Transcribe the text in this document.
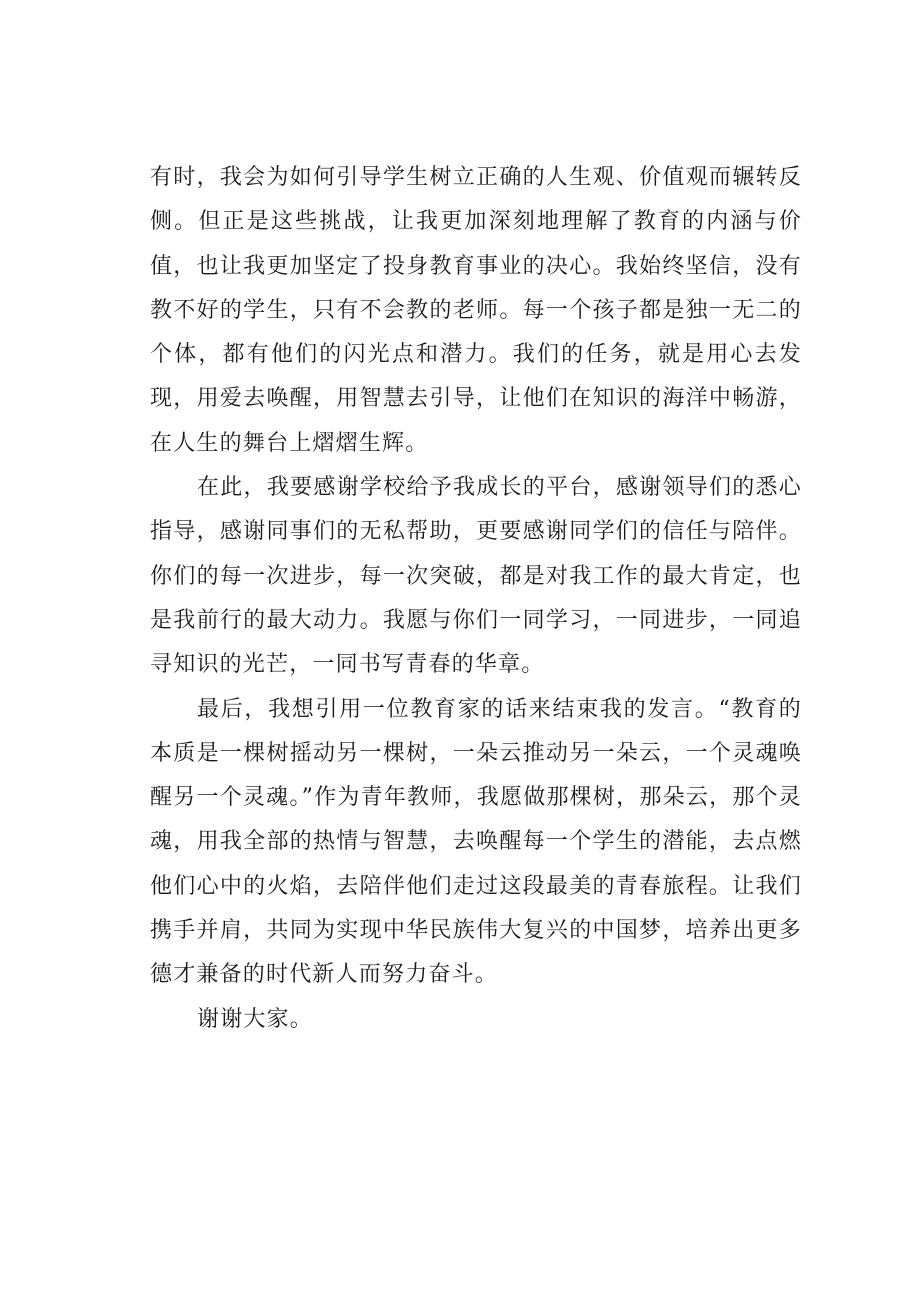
有时，我会为如何引导学生树立正确的人生观、价值观而辗转反侧。但正是这些挑战，让我更加深刻地理解了教育的内涵与价值，也让我更加坚定了投身教育事业的决心。我始终坚信，没有教不好的学生，只有不会教的老师。每一个孩子都是独一无二的个体，都有他们的闪光点和潜力。我们的任务，就是用心去发现，用爱去唤醒，用智慧去引导，让他们在知识的海洋中畅游，在人生的舞台上熠熠生辉。

在此，我要感谢学校给予我成长的平台，感谢领导们的悉心指导，感谢同事们的无私帮助，更要感谢同学们的信任与陪伴。你们的每一次进步，每一次突破，都是对我工作的最大肯定，也是我前行的最大动力。我愿与你们一同学习，一同进步，一同追寻知识的光芒，一同书写青春的华章。

最后，我想引用一位教育家的话来结束我的发言。“教育的本质是一棵树摇动另一棵树，一朵云推动另一朵云，一个灵魂唤醒另一个灵魂。”作为青年教师，我愿做那棵树，那朵云，那个灵魂，用我全部的热情与智慧，去唤醒每一个学生的潜能，去点燃他们心中的火焰，去陪伴他们走过这段最美的青春旅程。让我们携手并肩，共同为实现中华民族伟大复兴的中国梦，培养出更多德才兼备的时代新人而努力奋斗。

谢谢大家。
